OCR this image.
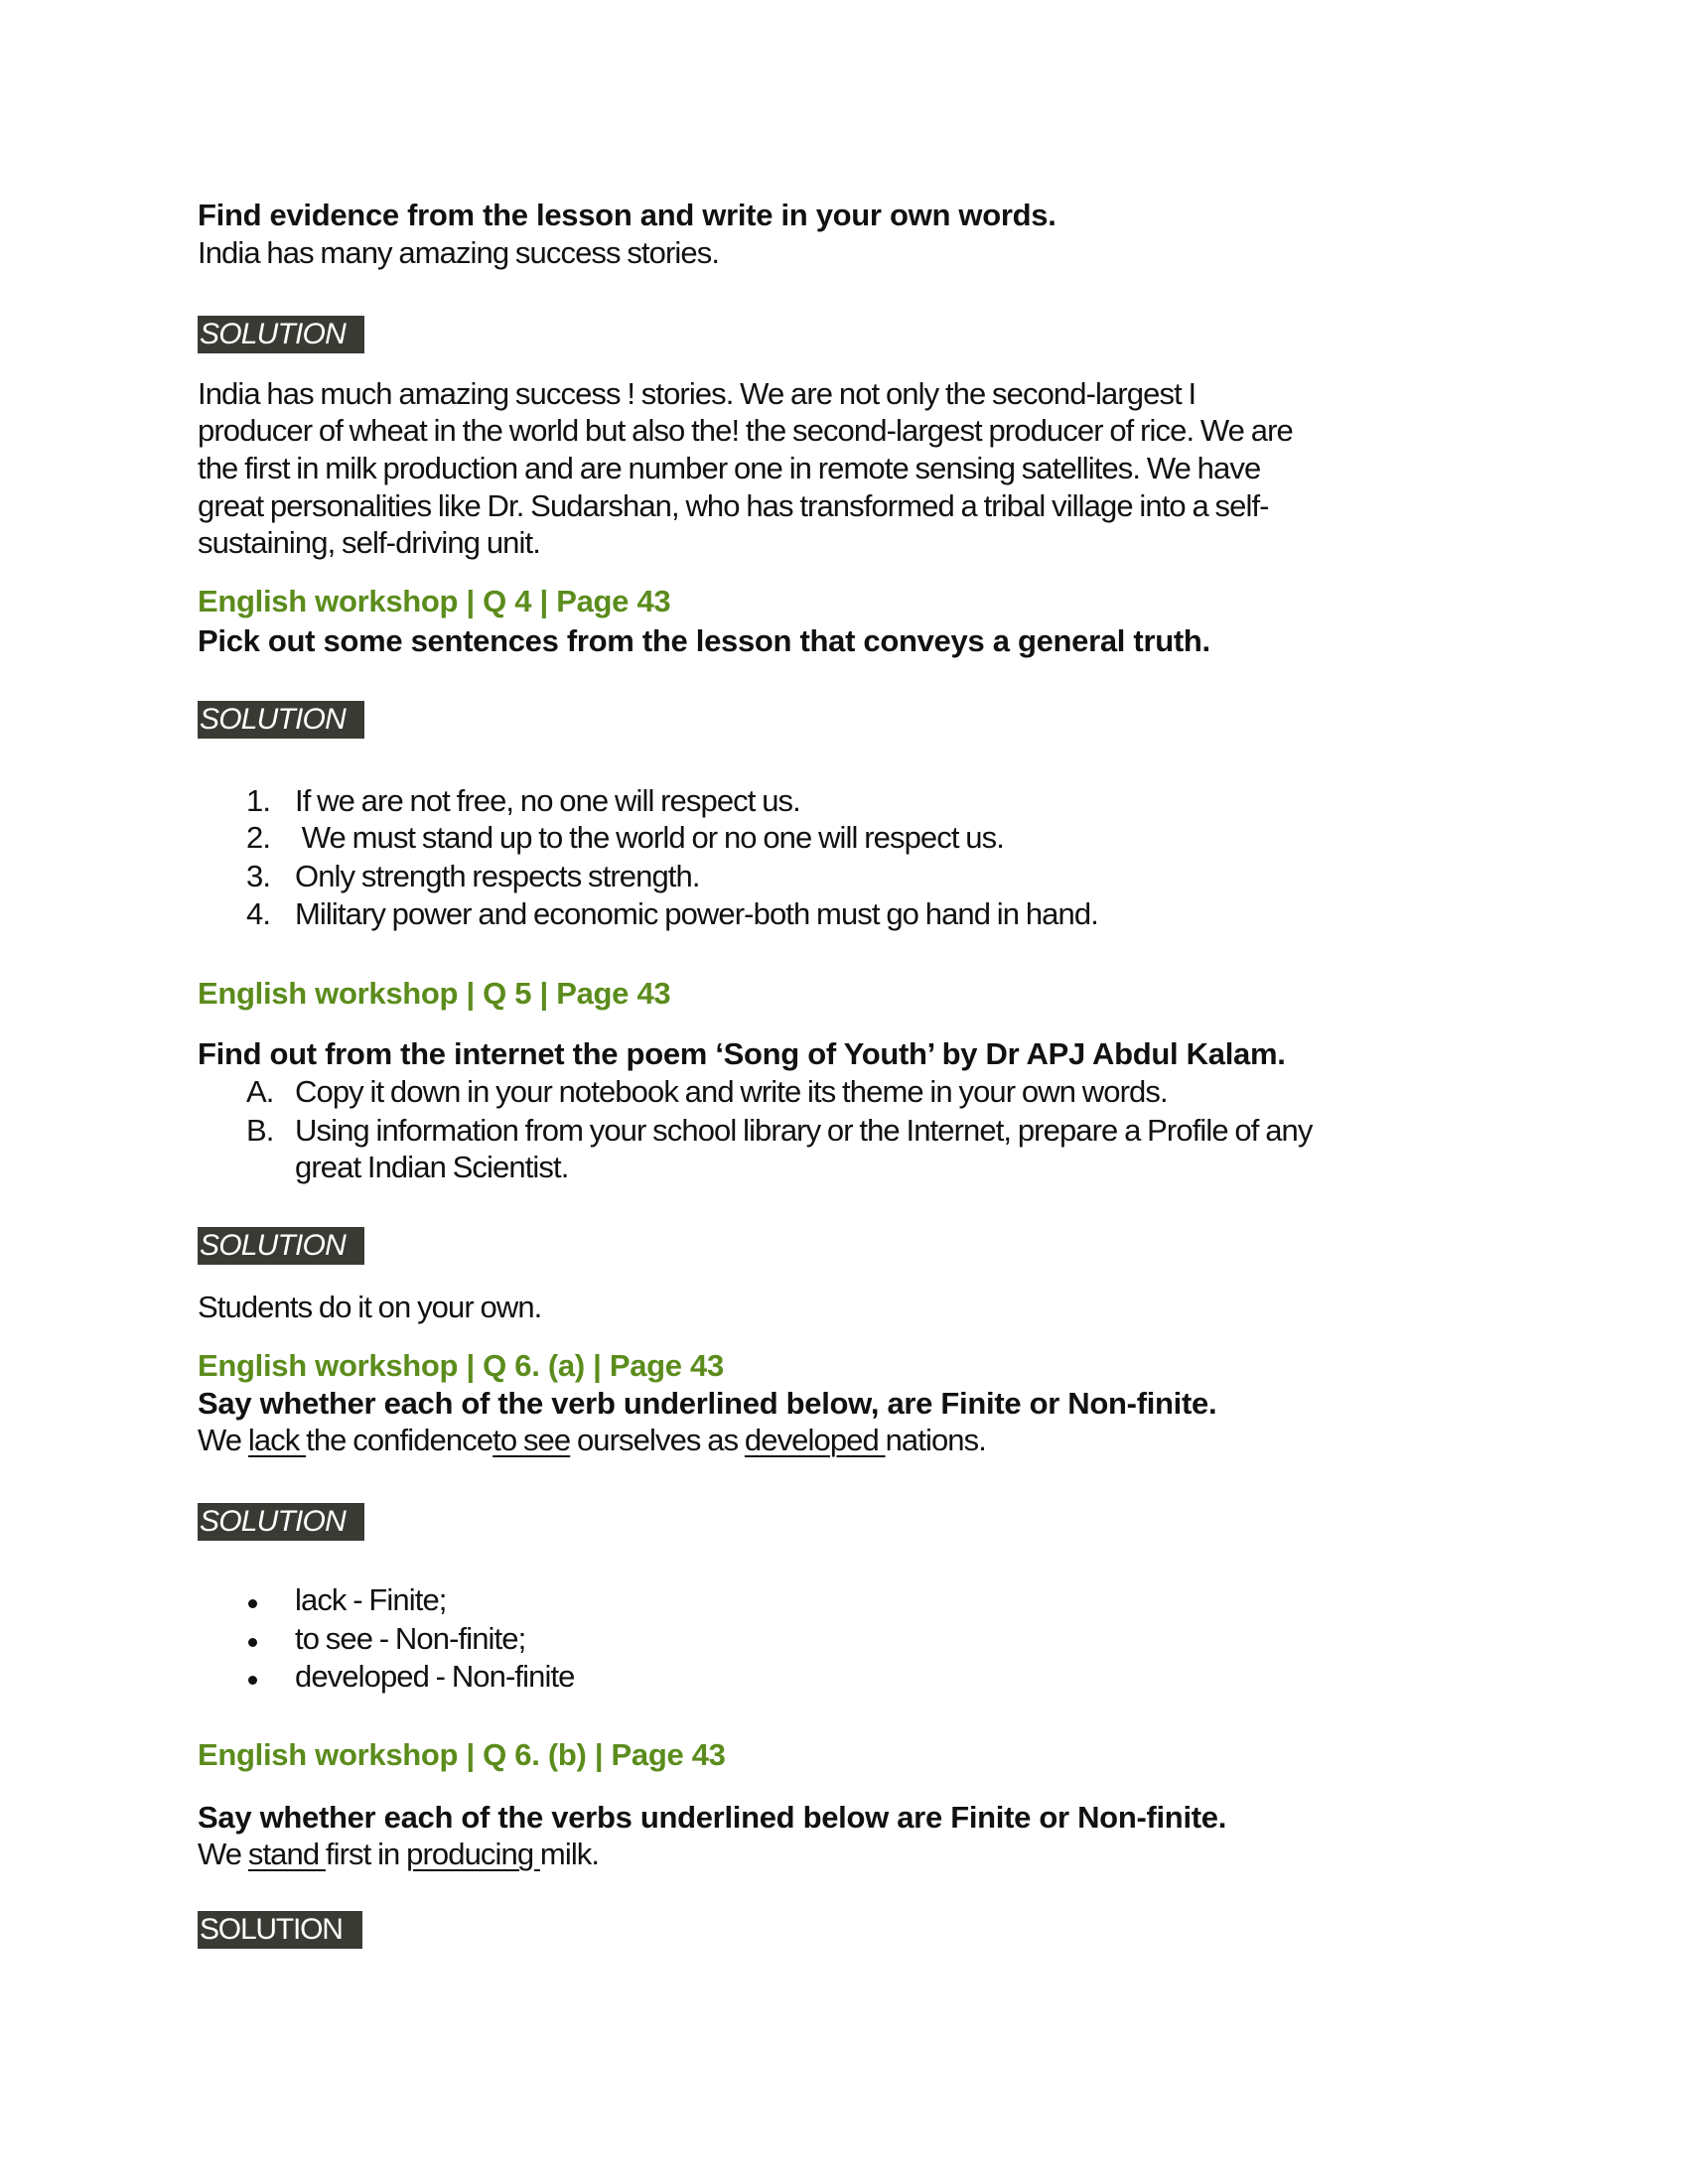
Find evidence from the lesson and write in your own words.
India has many amazing success stories.
SOLUTION
India has much amazing success ! stories. We are not only the second-largest I
producer of wheat in the world but also the! the second-largest producer of rice. We are
the first in milk production and are number one in remote sensing satellites. We have
great personalities like Dr. Sudarshan, who has transformed a tribal village into a self-
sustaining, self-driving unit.
English workshop | Q 4 | Page 43
Pick out some sentences from the lesson that conveys a general truth.
SOLUTION
1. If we are not free, no one will respect us.
2. We must stand up to the world or no one will respect us.
3. Only strength respects strength.
4. Military power and economic power-both must go hand in hand.
English workshop | Q 5 | Page 43
Find out from the internet the poem ‘Song of Youth’ by Dr APJ Abdul Kalam.
A. Copy it down in your notebook and write its theme in your own words.
B. Using information from your school library or the Internet, prepare a Profile of any
great Indian Scientist.
SOLUTION
Students do it on your own.
English workshop | Q 6. (a) | Page 43
Say whether each of the verb underlined below, are Finite or Non-finite.
We lack the confidenceto see ourselves as developed nations.
SOLUTION
lack - Finite;
to see - Non-finite;
developed - Non-finite
English workshop | Q 6. (b) | Page 43
Say whether each of the verbs underlined below are Finite or Non-finite.
We stand first in producing milk.
SOLUTION
